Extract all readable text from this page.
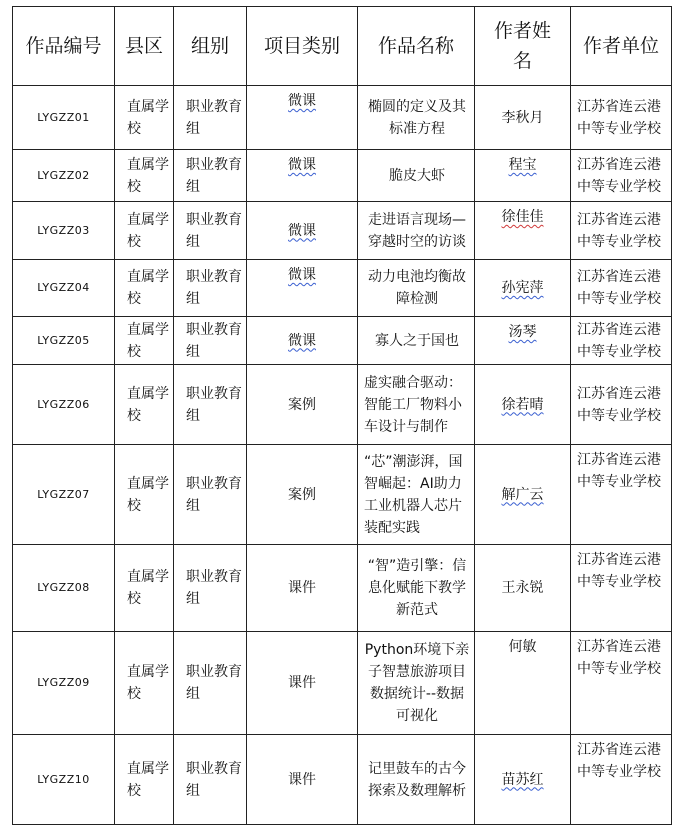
作品编号	县区	组别	项目类别	作品名称	作者姓名	作者单位
LYGZZ01	直属学校	职业教育组	微课	椭圆的定义及其标准方程	李秋月	江苏省连云港中等专业学校
LYGZZ02	直属学校	职业教育组	微课	脆皮大虾	程宝	江苏省连云港中等专业学校
LYGZZ03	直属学校	职业教育组	微课	走进语言现场—穿越时空的访谈	徐佳佳	江苏省连云港中等专业学校
LYGZZ04	直属学校	职业教育组	微课	动力电池均衡故障检测	孙宪萍	江苏省连云港中等专业学校
LYGZZ05	直属学校	职业教育组	微课	寡人之于国也	汤琴	江苏省连云港中等专业学校
LYGZZ06	直属学校	职业教育组	案例	虚实融合驱动：智能工厂物料小车设计与制作	徐若晴	江苏省连云港中等专业学校
LYGZZ07	直属学校	职业教育组	案例	“芯”潮澎湃，国智崛起：AI助力工业机器人芯片装配实践	解广云	江苏省连云港中等专业学校
LYGZZ08	直属学校	职业教育组	课件	“智”造引擎：信息化赋能下教学新范式	王永锐	江苏省连云港中等专业学校
LYGZZ09	直属学校	职业教育组	课件	Python环境下亲子智慧旅游项目数据统计--数据可视化	何敏	江苏省连云港中等专业学校
LYGZZ10	直属学校	职业教育组	课件	记里鼓车的古今探索及数理解析	苗苏红	江苏省连云港中等专业学校
